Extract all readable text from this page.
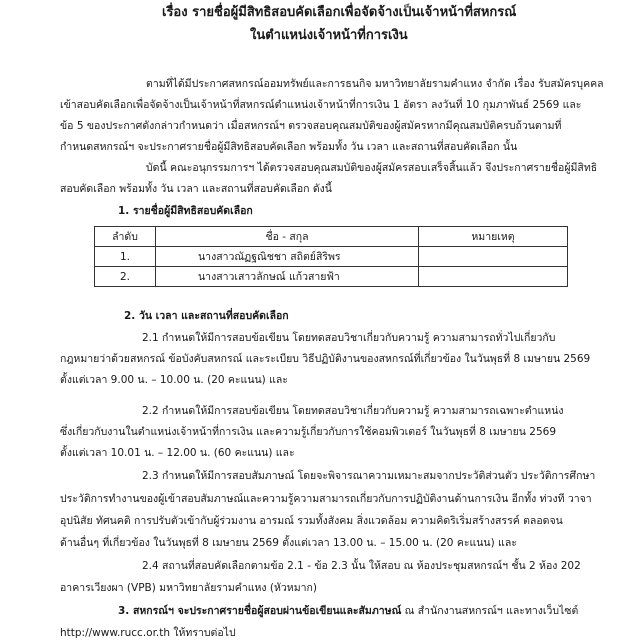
เรื่อง รายชื่อผู้มีสิทธิสอบคัดเลือกเพื่อจัดจ้างเป็นเจ้าหน้าที่สหกรณ์
ในตำแหน่งเจ้าหน้าที่การเงิน
ตามที่ได้มีประกาศสหกรณ์ออมทรัพย์และการธนกิจ มหาวิทยาลัยรามคำแหง จำกัด เรื่อง รับสมัครบุคคล
เข้าสอบคัดเลือกเพื่อจัดจ้างเป็นเจ้าหน้าที่สหกรณ์ตำแหน่งเจ้าหน้าที่การเงิน 1 อัตรา ลงวันที่ 10 กุมภาพันธ์ 2569 และ
ข้อ 5 ของประกาศดังกล่าวกำหนดว่า เมื่อสหกรณ์ฯ ตรวจสอบคุณสมบัติของผู้สมัครหากมีคุณสมบัติครบถ้วนตามที่
กำหนดสหกรณ์ฯ จะประกาศรายชื่อผู้มีสิทธิสอบคัดเลือก พร้อมทั้ง วัน เวลา และสถานที่สอบคัดเลือก นั้น
บัดนี้ คณะอนุกรรมการฯ ได้ตรวจสอบคุณสมบัติของผู้สมัครสอบเสร็จสิ้นแล้ว จึงประกาศรายชื่อผู้มีสิทธิ
สอบคัดเลือก พร้อมทั้ง วัน เวลา และสถานที่สอบคัดเลือก ดังนี้
1. รายชื่อผู้มีสิทธิสอบคัดเลือก
ลำดับ	ชื่อ - สกุล	หมายเหตุ
1.	นางสาวณัฏฐณิชชา สถิตย์สิริพร	
2.	นางสาวเสาวลักษณ์ แก้วสายฟ้า	
2. วัน เวลา และสถานที่สอบคัดเลือก
2.1 กำหนดให้มีการสอบข้อเขียน โดยทดสอบวิชาเกี่ยวกับความรู้ ความสามารถทั่วไปเกี่ยวกับ
กฎหมายว่าด้วยสหกรณ์ ข้อบังคับสหกรณ์ และระเบียบ วิธีปฏิบัติงานของสหกรณ์ที่เกี่ยวข้อง ในวันพุธที่ 8 เมษายน 2569
ตั้งแต่เวลา 9.00 น. – 10.00 น. (20 คะแนน) และ
2.2 กำหนดให้มีการสอบข้อเขียน โดยทดสอบวิชาเกี่ยวกับความรู้ ความสามารถเฉพาะตำแหน่ง
ซึ่งเกี่ยวกับงานในตำแหน่งเจ้าหน้าที่การเงิน และความรู้เกี่ยวกับการใช้คอมพิวเตอร์ ในวันพุธที่ 8 เมษายน 2569
ตั้งแต่เวลา 10.01 น. – 12.00 น. (60 คะแนน) และ
2.3 กำหนดให้มีการสอบสัมภาษณ์ โดยจะพิจารณาความเหมาะสมจากประวัติส่วนตัว ประวัติการศึกษา
ประวัติการทำงานของผู้เข้าสอบสัมภาษณ์และความรู้ความสามารถเกี่ยวกับการปฏิบัติงานด้านการเงิน อีกทั้ง ท่วงที วาจา
อุปนิสัย ทัศนคติ การปรับตัวเข้ากับผู้ร่วมงาน อารมณ์ รวมทั้งสังคม สิ่งแวดล้อม ความคิดริเริ่มสร้างสรรค์ ตลอดจน
ด้านอื่นๆ ที่เกี่ยวข้อง ในวันพุธที่ 8 เมษายน 2569 ตั้งแต่เวลา 13.00 น. – 15.00 น. (20 คะแนน) และ
2.4 สถานที่สอบคัดเลือกตามข้อ 2.1 - ข้อ 2.3 นั้น ให้สอบ ณ ห้องประชุมสหกรณ์ฯ ชั้น 2 ห้อง 202
อาคารเวียงผา (VPB) มหาวิทยาลัยรามคำแหง (หัวหมาก)
3. สหกรณ์ฯ จะประกาศรายชื่อผู้สอบผ่านข้อเขียนและสัมภาษณ์ ณ สำนักงานสหกรณ์ฯ และทางเว็บไซต์
http://www.rucc.or.th ให้ทราบต่อไป
